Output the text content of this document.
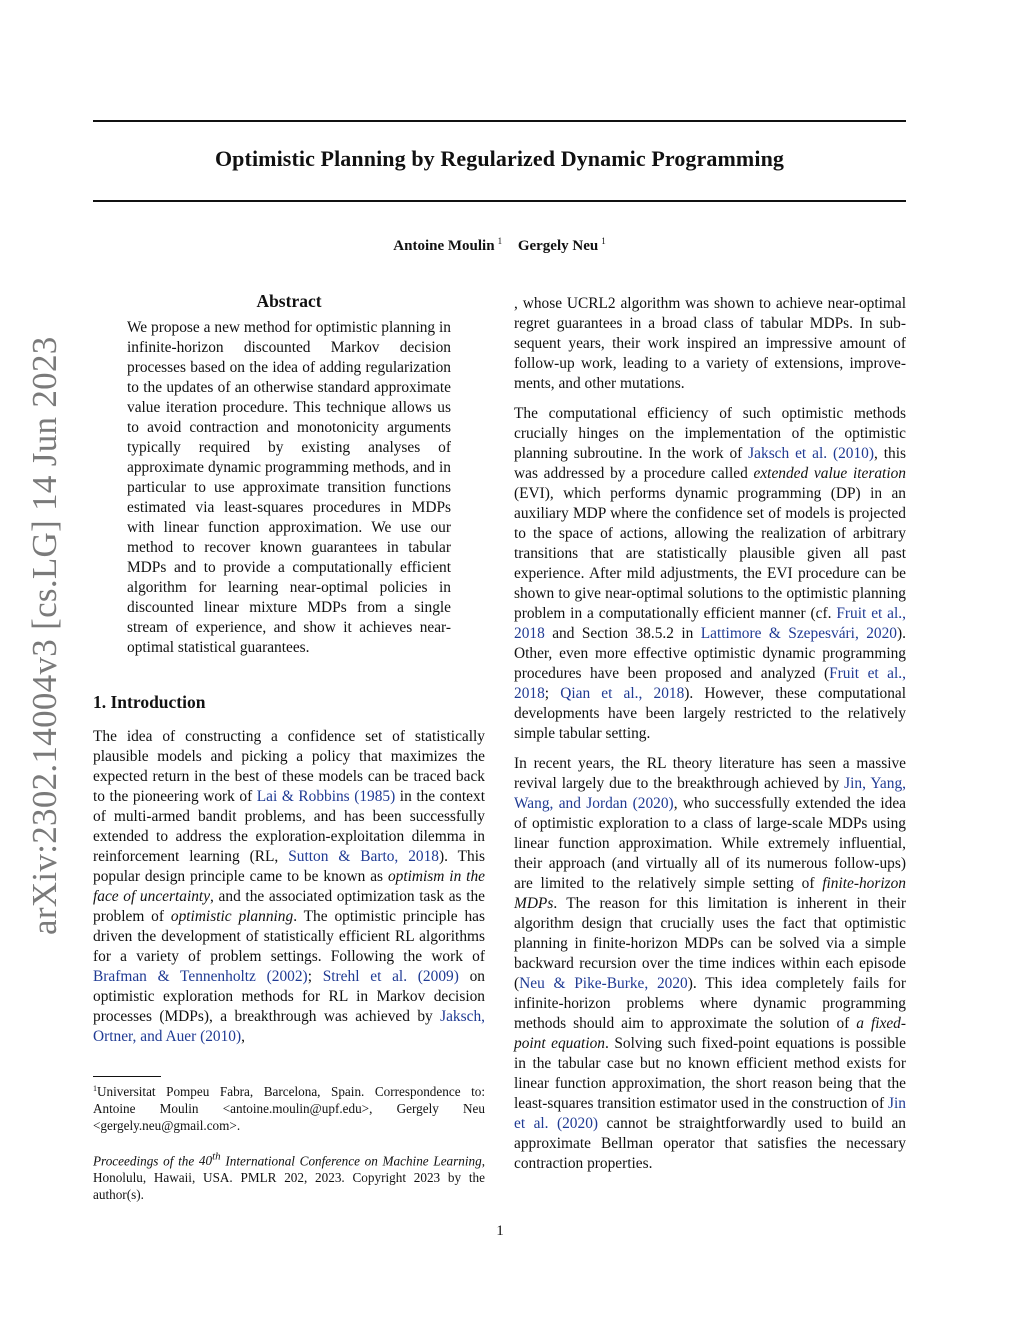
Optimistic Planning by Regularized Dynamic Programming
Antoine Moulin $^1$ Gergely Neu $^1$
arXiv:2302.14004v3 [cs.LG] 14 Jun 2023
Abstract
We propose a new method for optimistic planning in infinite-horizon discounted Markov decision processes based on the idea of adding regularization to the updates of an otherwise standard approximate value iteration procedure. This technique allows us to avoid contraction and monotonicity arguments typically required by existing analyses of approximate dynamic programming methods, and in particular to use approximate transition functions estimated via least-squares procedures in MDPs with linear function approximation. We use our method to recover known guarantees in tabular MDPs and to provide a computationally efficient algorithm for learning near-optimal policies in discounted linear mixture MDPs from a single stream of experience, and show it achieves near-optimal statistical guarantees.
1. Introduction
The idea of constructing a confidence set of statistically plausible models and picking a policy that maximizes the expected return in the best of these models can be traced back to the pioneering work of Lai & Robbins (1985) in the context of multi-armed bandit problems, and has been successfully extended to address the exploration-exploitation dilemma in reinforcement learning (RL, Sutton & Barto, 2018). This popular design principle came to be known as optimism in the face of uncertainty, and the associated optimization task as the problem of optimistic planning. The optimistic principle has driven the development of statistically efficient RL algorithms for a variety of problem settings. Following the work of Brafman & Tennenholtz (2002); Strehl et al. (2009) on optimistic exploration methods for RL in Markov decision processes (MDPs), a breakthrough was achieved by Jaksch, Ortner, and Auer (2010),
, whose UCRL2 algorithm was shown to achieve near-optimal regret guarantees in a broad class of tabular MDPs. In subsequent years, their work inspired an impressive amount of follow-up work, leading to a variety of extensions, improvements, and other mutations.
The computational efficiency of such optimistic methods crucially hinges on the implementation of the optimistic planning subroutine. In the work of Jaksch et al. (2010), this was addressed by a procedure called extended value iteration (EVI), which performs dynamic programming (DP) in an auxiliary MDP where the confidence set of models is projected to the space of actions, allowing the realization of arbitrary transitions that are statistically plausible given all past experience. After mild adjustments, the EVI procedure can be shown to give near-optimal solutions to the optimistic planning problem in a computationally efficient manner (cf. Fruit et al., 2018 and Section 38.5.2 in Lattimore & Szepesvári, 2020). Other, even more effective optimistic dynamic programming procedures have been proposed and analyzed (Fruit et al., 2018; Qian et al., 2018). However, these computational developments have been largely restricted to the relatively simple tabular setting.
In recent years, the RL theory literature has seen a massive revival largely due to the breakthrough achieved by Jin, Yang, Wang, and Jordan (2020), who successfully extended the idea of optimistic exploration to a class of large-scale MDPs using linear function approximation. While extremely influential, their approach (and virtually all of its numerous follow-ups) are limited to the relatively simple setting of finite-horizon MDPs. The reason for this limitation is inherent in their algorithm design that crucially uses the fact that optimistic planning in finite-horizon MDPs can be solved via a simple backward recursion over the time indices within each episode (Neu & Pike-Burke, 2020). This idea completely fails for infinite-horizon problems where dynamic programming methods should aim to approximate the solution of a fixed-point equation. Solving such fixed-point equations is possible in the tabular case but no known efficient method exists for linear function approximation, the short reason being that the least-squares transition estimator used in the construction of Jin et al. (2020) cannot be straightforwardly used to build an approximate Bellman operator that satisfies the necessary contraction properties.
$^1$Universitat Pompeu Fabra, Barcelona, Spain. Correspondence to: Antoine Moulin <antoine.moulin@upf.edu>, Gergely Neu <gergely.neu@gmail.com>.
Proceedings of the 40th International Conference on Machine Learning, Honolulu, Hawaii, USA. PMLR 202, 2023. Copyright 2023 by the author(s).
1
